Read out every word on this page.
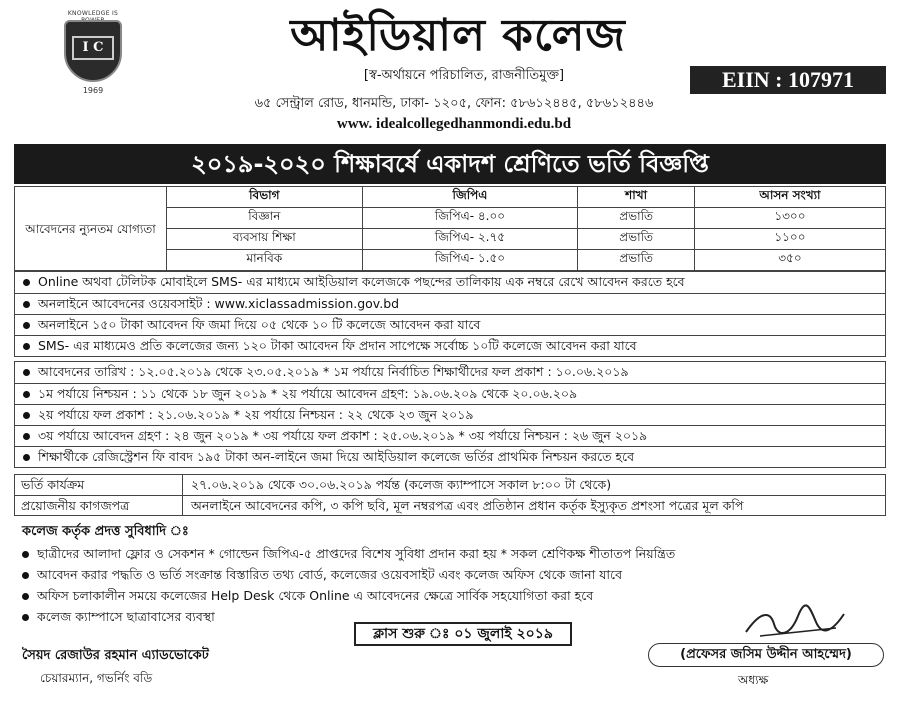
KNOWLEDGE IS
I C
1969
আইডিয়াল কলেজ
[স্ব-অর্থায়নে পরিচালিত, রাজনীতিমুক্ত]	EIIN : 107971
৬৫ সেন্ট্রাল রোড, ধানমন্ডি, ঢাকা- ১২০৫, ফোন: ৫৮৬১২৪৪৫, ৫৮৬১২৪৪৬
www. idealcollegedhanmondi.edu.bd
২০১৯-২০২০ শিক্ষাবর্ষে একাদশ শ্রেণিতে ভর্তি বিজ্ঞপ্তি
আবেদনের ন্যুনতম যোগ্যতা	বিভাগ	জিপিএ	শাখা	আসন সংখ্যা
	বিজ্ঞান	জিপিএ- ৪.০০	প্রভাতি	১৩০০
	ব্যবসায় শিক্ষা	জিপিএ- ২.৭৫	প্রভাতি	১১০০
	মানবিক	জিপিএ- ১.৫০	প্রভাতি	৩৫০
Online অথবা টেলিটক মোবাইলে SMS- এর মাধ্যমে আইডিয়াল কলেজকে পছন্দের তালিকায় এক নম্বরে রেখে আবেদন করতে হবে
অনলাইনে আবেদনের ওয়েবসাইট : www.xiclassadmission.gov.bd
অনলাইনে ১৫০ টাকা আবেদন ফি জমা দিয়ে ০৫ থেকে ১০ টি কলেজে আবেদন করা যাবে
SMS- এর মাধ্যমেও প্রতি কলেজের জন্য ১২০ টাকা আবেদন ফি প্রদান সাপেক্ষে সর্বোচ্চ ১০টি কলেজে আবেদন করা যাবে
আবেদনের তারিখ : ১২.০৫.২০১৯ থেকে ২৩.০৫.২০১৯ * ১ম পর্যায়ে নির্বাচিত শিক্ষার্থীদের ফল প্রকাশ : ১০.০৬.২০১৯
১ম পর্যায়ে নিশ্চয়ন : ১১ থেকে ১৮ জুন ২০১৯ * ২য় পর্যায়ে আবেদন গ্রহণ: ১৯.০৬.২০৯ থেকে ২০.০৬.২০৯
২য় পর্যায়ে ফল প্রকাশ : ২১.০৬.২০১৯ * ২য় পর্যায়ে নিশ্চয়ন : ২২ থেকে ২৩ জুন ২০১৯
৩য় পর্যায়ে আবেদন গ্রহণ : ২৪ জুন ২০১৯ * ৩য় পর্যায়ে ফল প্রকাশ : ২৫.০৬.২০১৯ * ৩য় পর্যায়ে নিশ্চয়ন : ২৬ জুন ২০১৯
শিক্ষার্থীকে রেজিস্ট্রেশন ফি বাবদ ১৯৫ টাকা অন-লাইনে জমা দিয়ে আইডিয়াল কলেজে ভর্তির প্রাথমিক নিশ্চয়ন করতে হবে
ভর্তি কার্যক্রম	২৭.০৬.২০১৯ থেকে ৩০.০৬.২০১৯ পর্যন্ত (কলেজ ক্যাম্পাসে সকাল ৮:০০ টা থেকে)
প্রয়োজনীয় কাগজপত্র	অনলাইনে আবেদনের কপি, ৩ কপি ছবি, মূল নম্বরপত্র এবং প্রতিষ্ঠান প্রধান কর্তৃক ইস্যুকৃত প্রশংসা পত্রের মূল কপি
কলেজ কর্তৃক প্রদত্ত সুবিধাদি ঃ
ছাত্রীদের আলাদা ফ্লোর ও সেকশন * গোল্ডেন জিপিএ-৫ প্রাপ্তদের বিশেষ সুবিধা প্রদান করা হয় * সকল শ্রেণিকক্ষ শীতাতপ নিয়ন্ত্রিত
আবেদন করার পদ্ধতি ও ভর্তি সংক্রান্ত বিস্তারিত তথ্য বোর্ড, কলেজের ওয়েবসাইট এবং কলেজ অফিস থেকে জানা যাবে
অফিস চলাকালীন সময়ে কলেজের Help Desk থেকে Online এ আবেদনের ক্ষেত্রে সার্বিক সহযোগিতা করা হবে
কলেজ ক্যাম্পাসে ছাত্রাবাসের ব্যবস্থা
ক্লাস শুরু ঃ ০১ জুলাই ২০১৯
সৈয়দ রেজাউর রহমান এ্যাডভোকেট
চেয়ারম্যান, গভর্নিং বডি
(প্রফেসর জসিম উদ্দীন আহম্মেদ)
অধ্যক্ষ
